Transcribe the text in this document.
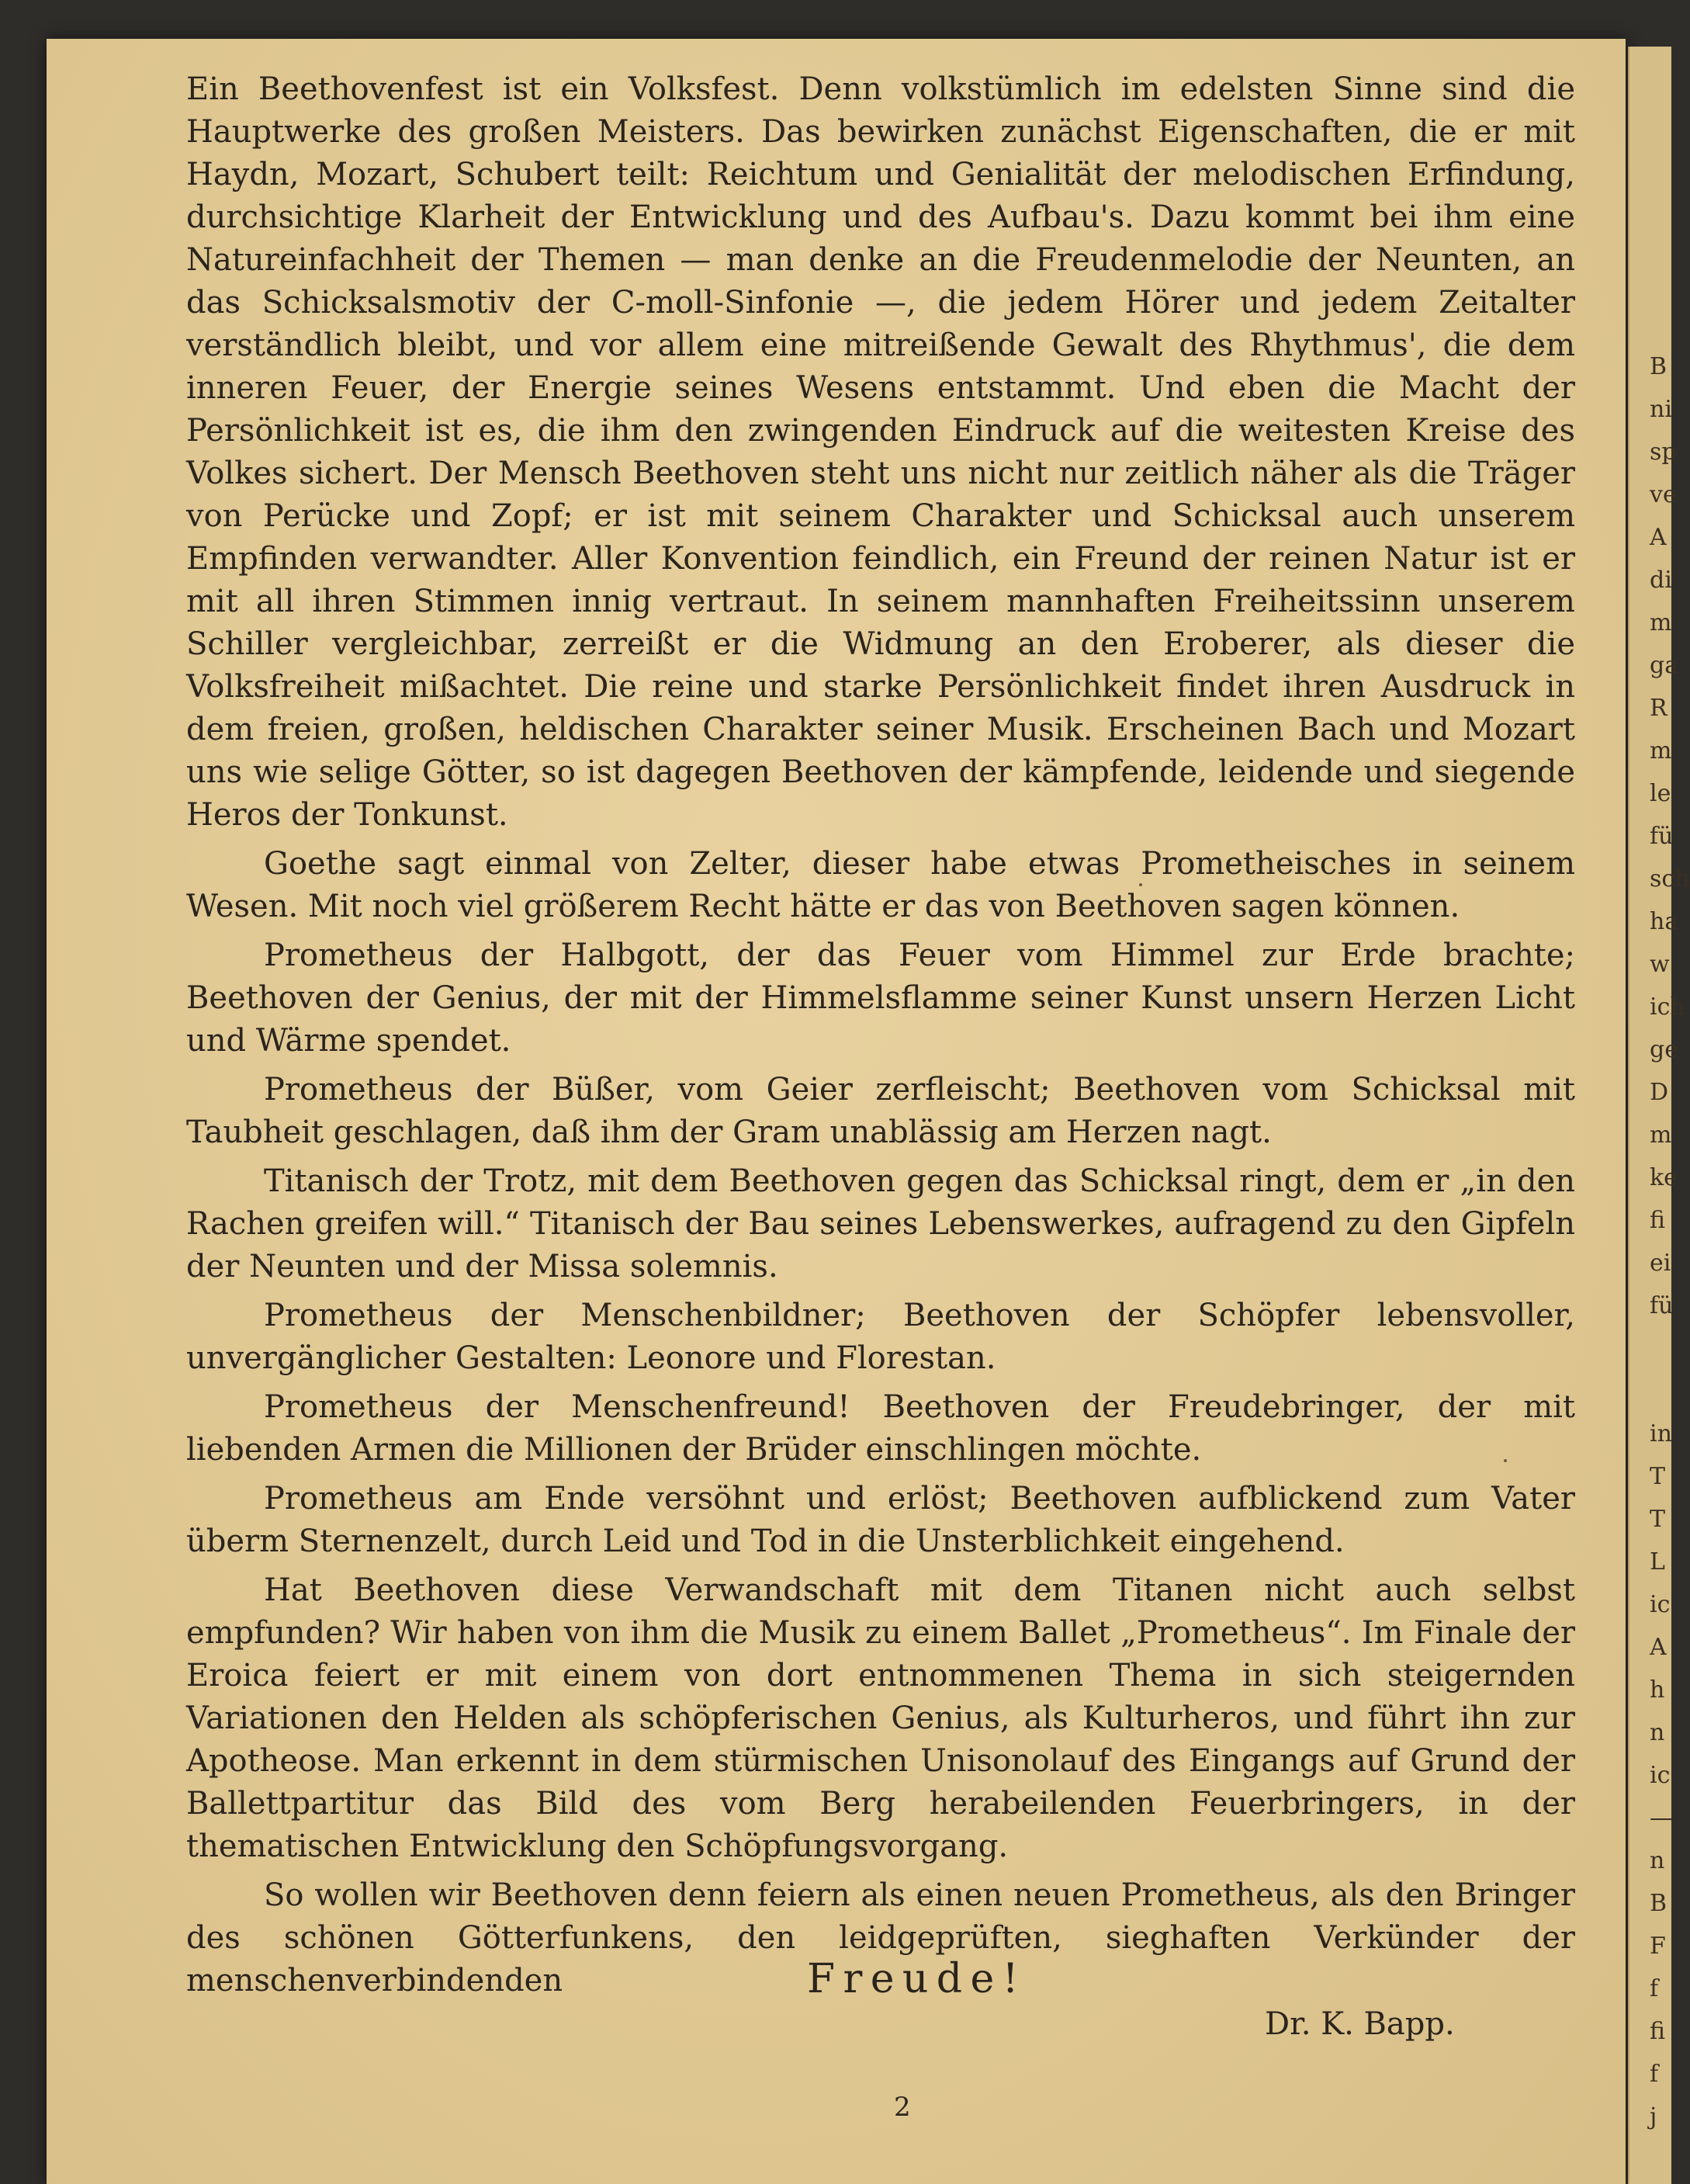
B
ni
sp
ve
A
di
m
ga
R
m
le
fü
sch
ha
w
ich
ge
D
m
ke
fi
ei
fü
in
T
T
L
ic
A
h
n
ic
—
n
B
F
f
fi
f
j

Ein Beethovenfest ist ein Volksfest. Denn volkstümlich im edelsten Sinne sind die Hauptwerke des großen Meisters. Das bewirken zunächst Eigenschaften, die er mit Haydn, Mozart, Schubert teilt: Reichtum und Genialität der melodischen Erfindung, durchsichtige Klarheit der Entwicklung und des Aufbau's. Dazu kommt bei ihm eine Natureinfachheit der Themen — man denke an die Freudenmelodie der Neunten, an das Schicksalsmotiv der C-moll-Sinfonie —, die jedem Hörer und jedem Zeitalter verständlich bleibt, und vor allem eine mitreißende Gewalt des Rhythmus', die dem inneren Feuer, der Energie seines Wesens entstammt. Und eben die Macht der Persönlichkeit ist es, die ihm den zwingenden Eindruck auf die weitesten Kreise des Volkes sichert. Der Mensch Beethoven steht uns nicht nur zeitlich näher als die Träger von Perücke und Zopf; er ist mit seinem Charakter und Schicksal auch unserem Empfinden verwandter. Aller Konvention feindlich, ein Freund der reinen Natur ist er mit all ihren Stimmen innig vertraut. In seinem mannhaften Freiheitssinn unserem Schiller vergleichbar, zerreißt er die Widmung an den Eroberer, als dieser die Volksfreiheit mißachtet. Die reine und starke Persönlichkeit findet ihren Ausdruck in dem freien, großen, heldischen Charakter seiner Musik. Erscheinen Bach und Mozart uns wie selige Götter, so ist dagegen Beethoven der kämpfende, leidende und siegende Heros der Tonkunst.

Goethe sagt einmal von Zelter, dieser habe etwas Prometheisches in seinem Wesen. Mit noch viel größerem Recht hätte er das von Beethoven sagen können.

Prometheus der Halbgott, der das Feuer vom Himmel zur Erde brachte; Beethoven der Genius, der mit der Himmelsflamme seiner Kunst unsern Herzen Licht und Wärme spendet.

Prometheus der Büßer, vom Geier zerfleischt; Beethoven vom Schicksal mit Taubheit geschlagen, daß ihm der Gram unablässig am Herzen nagt.

Titanisch der Trotz, mit dem Beethoven gegen das Schicksal ringt, dem er „in den Rachen greifen will.“ Titanisch der Bau seines Lebenswerkes, aufragend zu den Gipfeln der Neunten und der Missa solemnis.

Prometheus der Menschenbildner; Beethoven der Schöpfer lebensvoller, unvergänglicher Gestalten: Leonore und Florestan.

Prometheus der Menschenfreund! Beethoven der Freudebringer, der mit liebenden Armen die Millionen der Brüder einschlingen möchte.

Prometheus am Ende versöhnt und erlöst; Beethoven aufblickend zum Vater überm Sternenzelt, durch Leid und Tod in die Unsterblichkeit eingehend.

Hat Beethoven diese Verwandschaft mit dem Titanen nicht auch selbst empfunden? Wir haben von ihm die Musik zu einem Ballet „Prometheus“. Im Finale der Eroica feiert er mit einem von dort entnommenen Thema in sich steigernden Variationen den Helden als schöpferischen Genius, als Kulturheros, und führt ihn zur Apotheose. Man erkennt in dem stürmischen Unisonolauf des Eingangs auf Grund der Ballettpartitur das Bild des vom Berg herabeilenden Feuerbringers, in der thematischen Entwicklung den Schöpfungsvorgang.

So wollen wir Beethoven denn feiern als einen neuen Prometheus, als den Bringer des schönen Götterfunkens, den leidgeprüften, sieghaften Verkünder der menschenverbindenden	Freude!
Dr. K. Bapp.
2
